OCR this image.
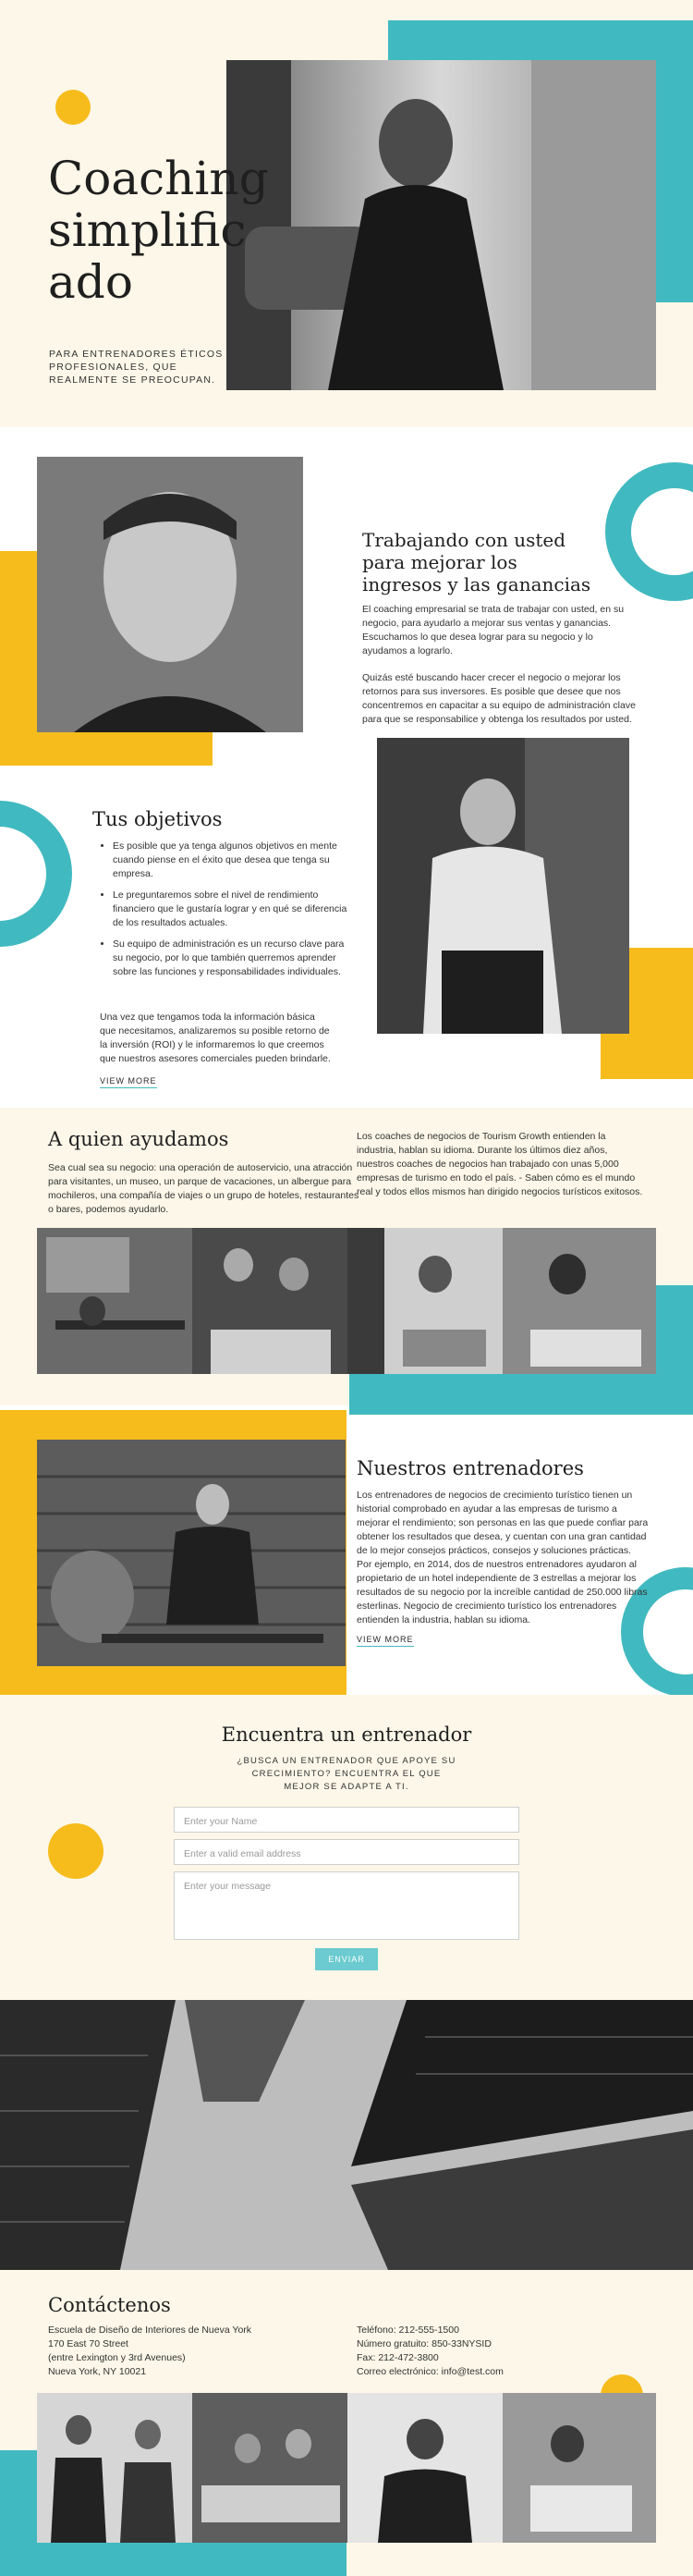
Coaching
simplific
ado
PARA ENTRENADORES ÉTICOS PROFESIONALES, QUE REALMENTE SE PREOCUPAN.
Trabajando con usted para mejorar los ingresos y las ganancias
El coaching empresarial se trata de trabajar con usted, en su negocio, para ayudarlo a mejorar sus ventas y ganancias. Escuchamos lo que desea lograr para su negocio y lo ayudamos a lograrlo.
Quizás esté buscando hacer crecer el negocio o mejorar los retornos para sus inversores. Es posible que desee que nos concentremos en capacitar a su equipo de administración clave para que se responsabilice y obtenga los resultados por usted.
Tus objetivos
• Es posible que ya tenga algunos objetivos en mente cuando piense en el éxito que desea que tenga su empresa.
• Le preguntaremos sobre el nivel de rendimiento financiero que le gustaría lograr y en qué se diferencia de los resultados actuales.
• Su equipo de administración es un recurso clave para su negocio, por lo que también querremos aprender sobre las funciones y responsabilidades individuales.
Una vez que tengamos toda la información básica que necesitamos, analizaremos su posible retorno de la inversión (ROI) y le informaremos lo que creemos que nuestros asesores comerciales pueden brindarle.
VIEW MORE
A quien ayudamos
Sea cual sea su negocio: una operación de autoservicio, una atracción para visitantes, un museo, un parque de vacaciones, un albergue para mochileros, una compañía de viajes o un grupo de hoteles, restaurantes o bares, podemos ayudarlo.
Los coaches de negocios de Tourism Growth entienden la industria, hablan su idioma. Durante los últimos diez años, nuestros coaches de negocios han trabajado con unas 5,000 empresas de turismo en todo el país. - Saben cómo es el mundo real y todos ellos mismos han dirigido negocios turísticos exitosos.
Nuestros entrenadores
Los entrenadores de negocios de crecimiento turístico tienen un historial comprobado en ayudar a las empresas de turismo a mejorar el rendimiento; son personas en las que puede confiar para obtener los resultados que desea, y cuentan con una gran cantidad de lo mejor consejos prácticos, consejos y soluciones prácticas. Por ejemplo, en 2014, dos de nuestros entrenadores ayudaron al propietario de un hotel independiente de 3 estrellas a mejorar los resultados de su negocio por la increíble cantidad de 250.000 libras esterlinas. Negocio de crecimiento turístico los entrenadores entienden la industria, hablan su idioma.
VIEW MORE
Encuentra un entrenador
¿BUSCA UN ENTRENADOR QUE APOYE SU CRECIMIENTO? ENCUENTRA EL QUE MEJOR SE ADAPTE A TI.
Enter your Name
Enter a valid email address
Enter your message
ENVIAR
Contáctenos
Escuela de Diseño de Interiores de Nueva York
170 East 70 Street
(entre Lexington y 3rd Avenues)
Nueva York, NY 10021
Teléfono: 212-555-1500
Número gratuito: 850-33NYSID
Fax: 212-472-3800
Correo electrónico: info@test.com
